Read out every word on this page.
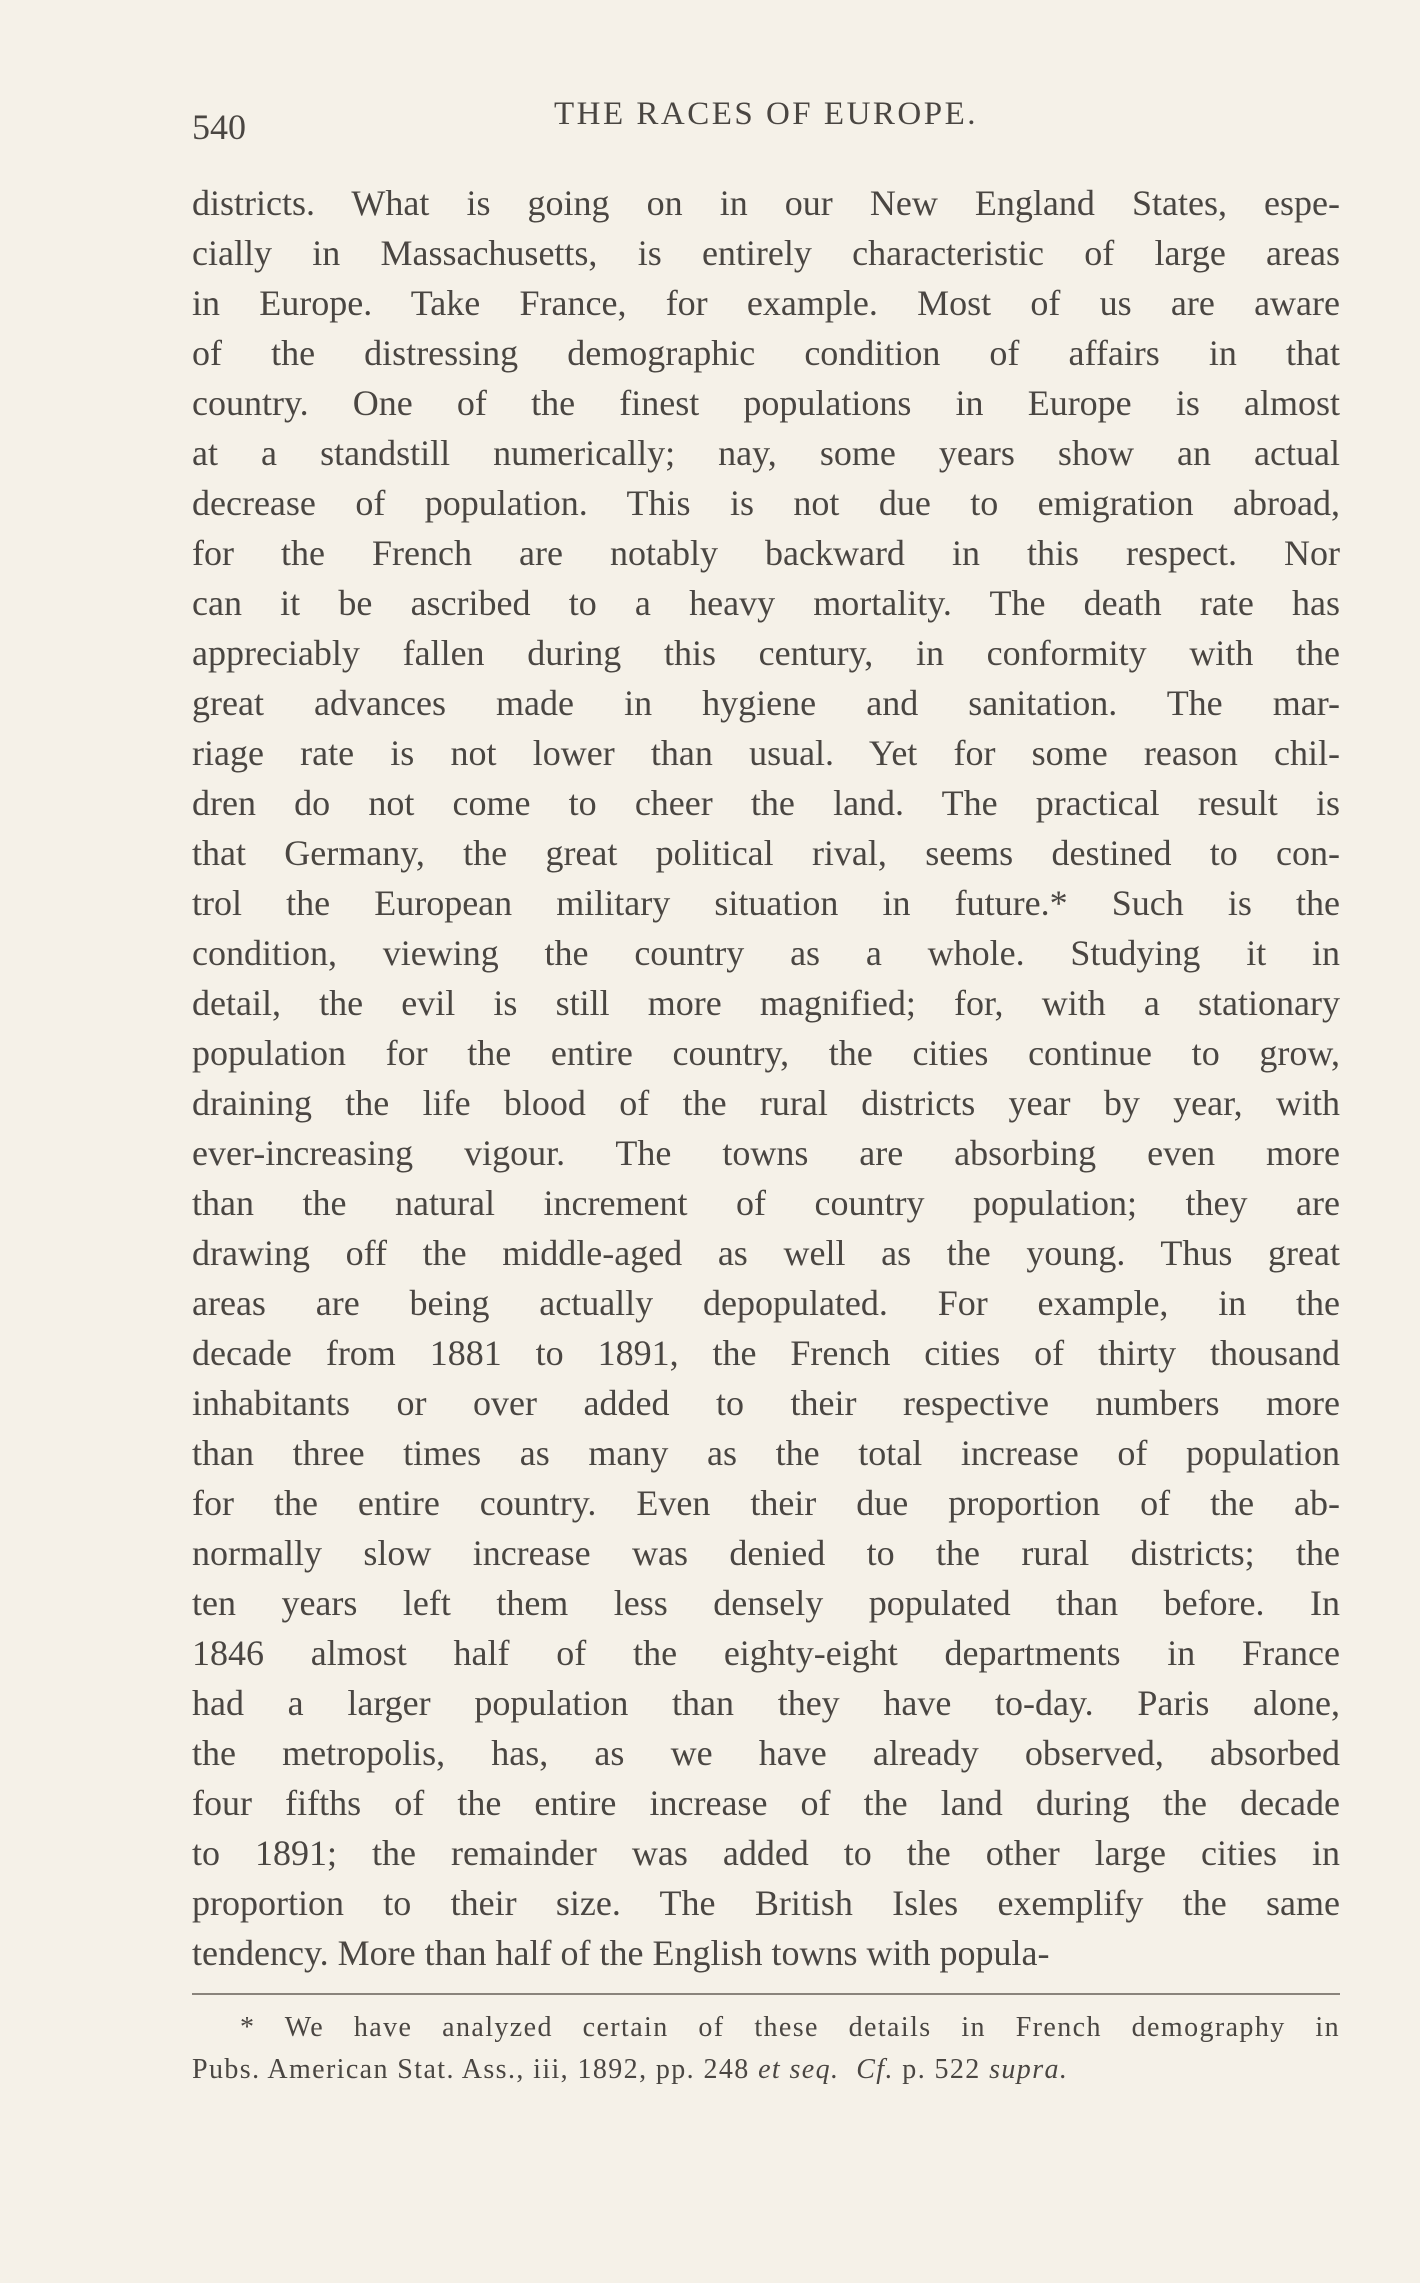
540	THE RACES OF EUROPE.
districts. What is going on in our New England States, espe-
cially in Massachusetts, is entirely characteristic of large areas
in Europe. Take France, for example. Most of us are aware
of the distressing demographic condition of affairs in that
country. One of the finest populations in Europe is almost
at a standstill numerically; nay, some years show an actual
decrease of population. This is not due to emigration abroad,
for the French are notably backward in this respect. Nor
can it be ascribed to a heavy mortality. The death rate has
appreciably fallen during this century, in conformity with the
great advances made in hygiene and sanitation. The mar-
riage rate is not lower than usual. Yet for some reason chil-
dren do not come to cheer the land. The practical result is
that Germany, the great political rival, seems destined to con-
trol the European military situation in future.* Such is the
condition, viewing the country as a whole. Studying it in
detail, the evil is still more magnified; for, with a stationary
population for the entire country, the cities continue to grow,
draining the life blood of the rural districts year by year, with
ever-increasing vigour. The towns are absorbing even more
than the natural increment of country population; they are
drawing off the middle-aged as well as the young. Thus great
areas are being actually depopulated. For example, in the
decade from 1881 to 1891, the French cities of thirty thousand
inhabitants or over added to their respective numbers more
than three times as many as the total increase of population
for the entire country. Even their due proportion of the ab-
normally slow increase was denied to the rural districts; the
ten years left them less densely populated than before. In
1846 almost half of the eighty-eight departments in France
had a larger population than they have to-day. Paris alone,
the metropolis, has, as we have already observed, absorbed
four fifths of the entire increase of the land during the decade
to 1891; the remainder was added to the other large cities in
proportion to their size. The British Isles exemplify the same
tendency. More than half of the English towns with popula-
* We have analyzed certain of these details in French demography in
Pubs. American Stat. Ass., iii, 1892, pp. 248 et seq. Cf. p. 522 supra.
